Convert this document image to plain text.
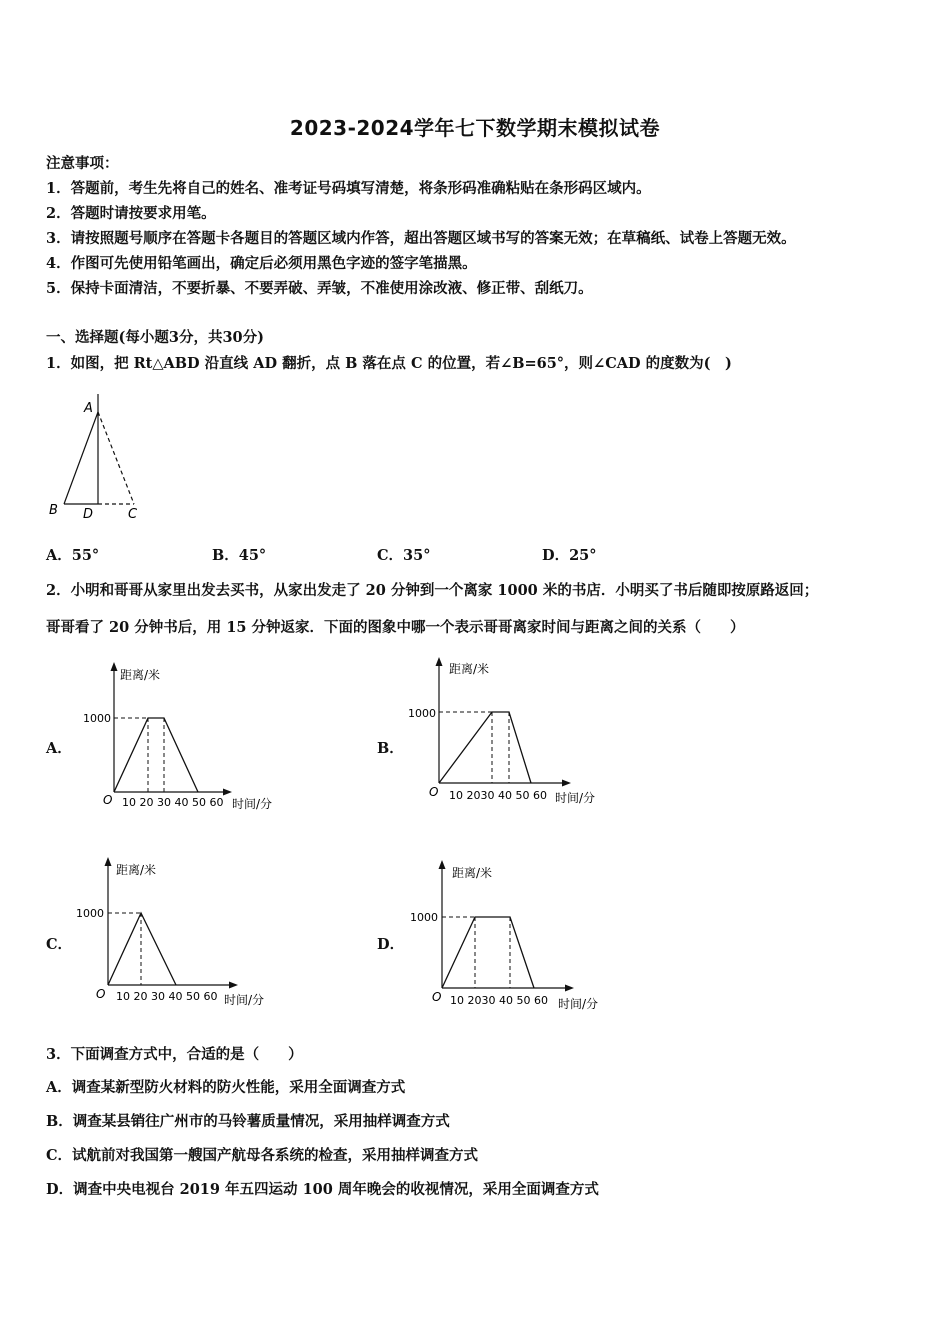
2023-2024学年七下数学期末模拟试卷
注意事项：
1．答题前，考生先将自己的姓名、准考证号码填写清楚，将条形码准确粘贴在条形码区域内。
2．答题时请按要求用笔。
3．请按照题号顺序在答题卡各题目的答题区域内作答，超出答题区域书写的答案无效；在草稿纸、试卷上答题无效。
4．作图可先使用铅笔画出，确定后必须用黑色字迹的签字笔描黑。
5．保持卡面清洁，不要折暴、不要弄破、弄皱，不准使用涂改液、修正带、刮纸刀。
一、选择题(每小题3分，共30分)
1．如图，把 Rt△ABD 沿直线 AD 翻折，点 B 落在点 C 的位置，若∠B=65°，则∠CAD 的度数为(　)
A
B D	C
A．55°	B．45°	C．35°	D．25°
2．小明和哥哥从家里出发去买书，从家出发走了 20 分钟到一个离家 1000 米的书店．小明买了书后随即按原路返回；
哥哥看了 20 分钟书后，用 15 分钟返家．下面的图象中哪一个表示哥哥离家时间与距离之间的关系（　　）
A．
距离/米
1000
O 10 20 30 40 50 60 时间/分
B．
距离/米
1000
O 10 2030 40 50 60 时间/分
C．
距离/米
1000
O 10 20 30 40 50 60 时间/分
D．
距离/米
1000
O 10 2030 40 50 60 时间/分
3．下面调查方式中，合适的是（　　）
A．调查某新型防火材料的防火性能，采用全面调查方式
B．调查某县销往广州市的马铃薯质量情况，采用抽样调查方式
C．试航前对我国第一艘国产航母各系统的检查，采用抽样调查方式
D．调查中央电视台 2019 年五四运动 100 周年晚会的收视情况，采用全面调查方式
